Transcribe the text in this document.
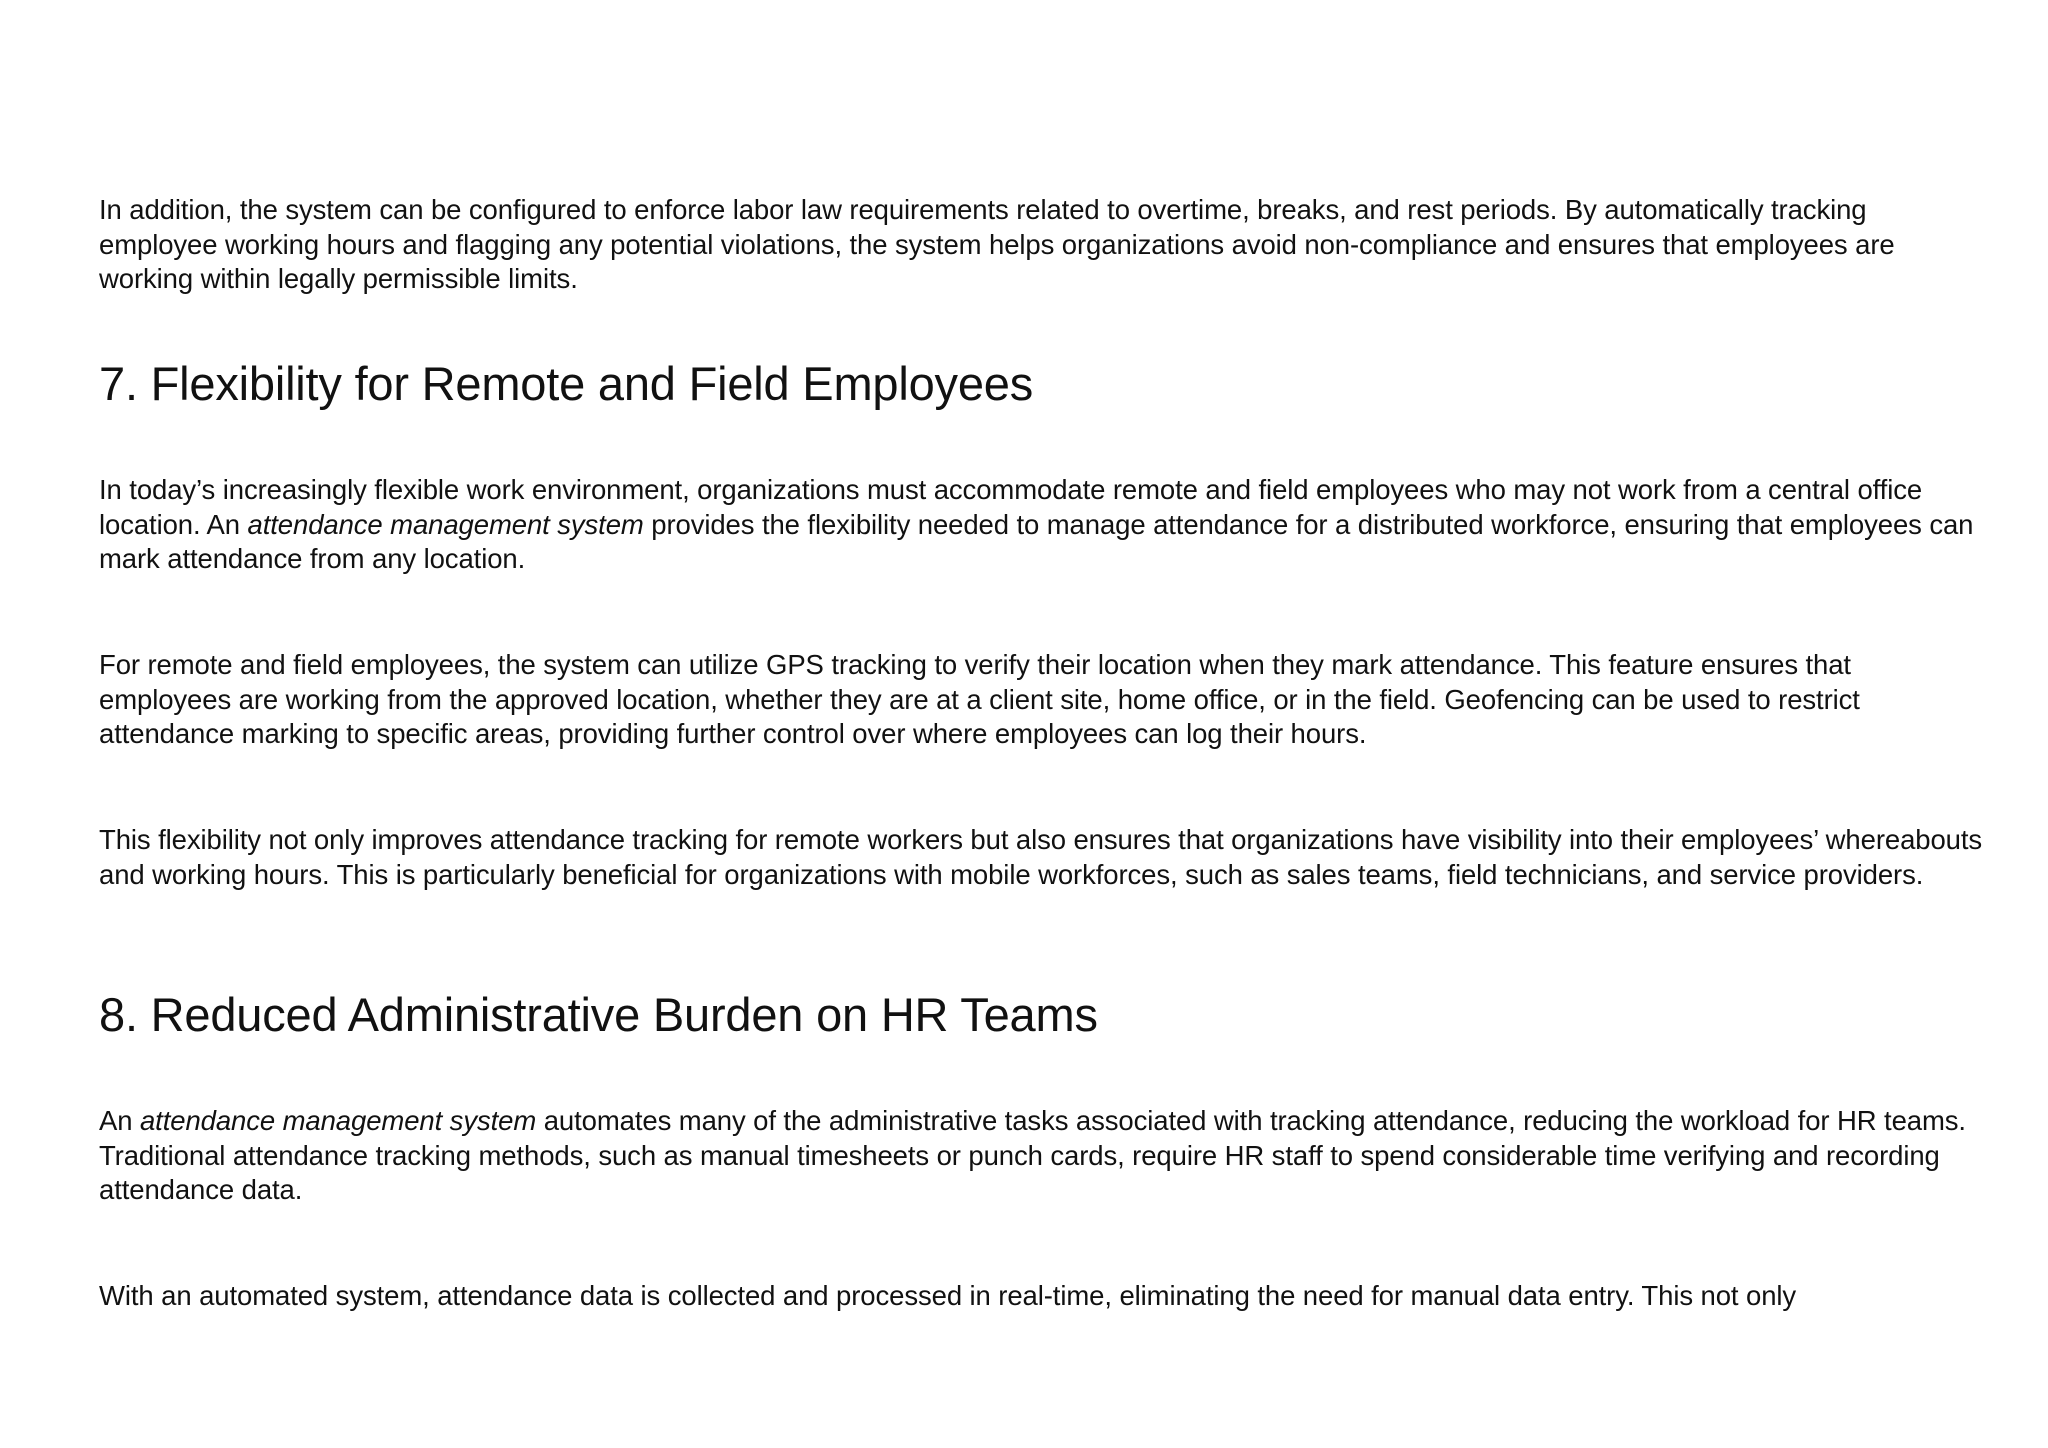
In addition, the system can be configured to enforce labor law requirements related to overtime, breaks, and rest periods. By automatically tracking employee working hours and flagging any potential violations, the system helps organizations avoid non-compliance and ensures that employees are working within legally permissible limits.

7. Flexibility for Remote and Field Employees

In today’s increasingly flexible work environment, organizations must accommodate remote and field employees who may not work from a central office location. An attendance management system provides the flexibility needed to manage attendance for a distributed workforce, ensuring that employees can mark attendance from any location.

For remote and field employees, the system can utilize GPS tracking to verify their location when they mark attendance. This feature ensures that employees are working from the approved location, whether they are at a client site, home office, or in the field. Geofencing can be used to restrict attendance marking to specific areas, providing further control over where employees can log their hours.

This flexibility not only improves attendance tracking for remote workers but also ensures that organizations have visibility into their employees’ whereabouts and working hours. This is particularly beneficial for organizations with mobile workforces, such as sales teams, field technicians, and service providers.

8. Reduced Administrative Burden on HR Teams

An attendance management system automates many of the administrative tasks associated with tracking attendance, reducing the workload for HR teams. Traditional attendance tracking methods, such as manual timesheets or punch cards, require HR staff to spend considerable time verifying and recording attendance data.

With an automated system, attendance data is collected and processed in real-time, eliminating the need for manual data entry. This not only
